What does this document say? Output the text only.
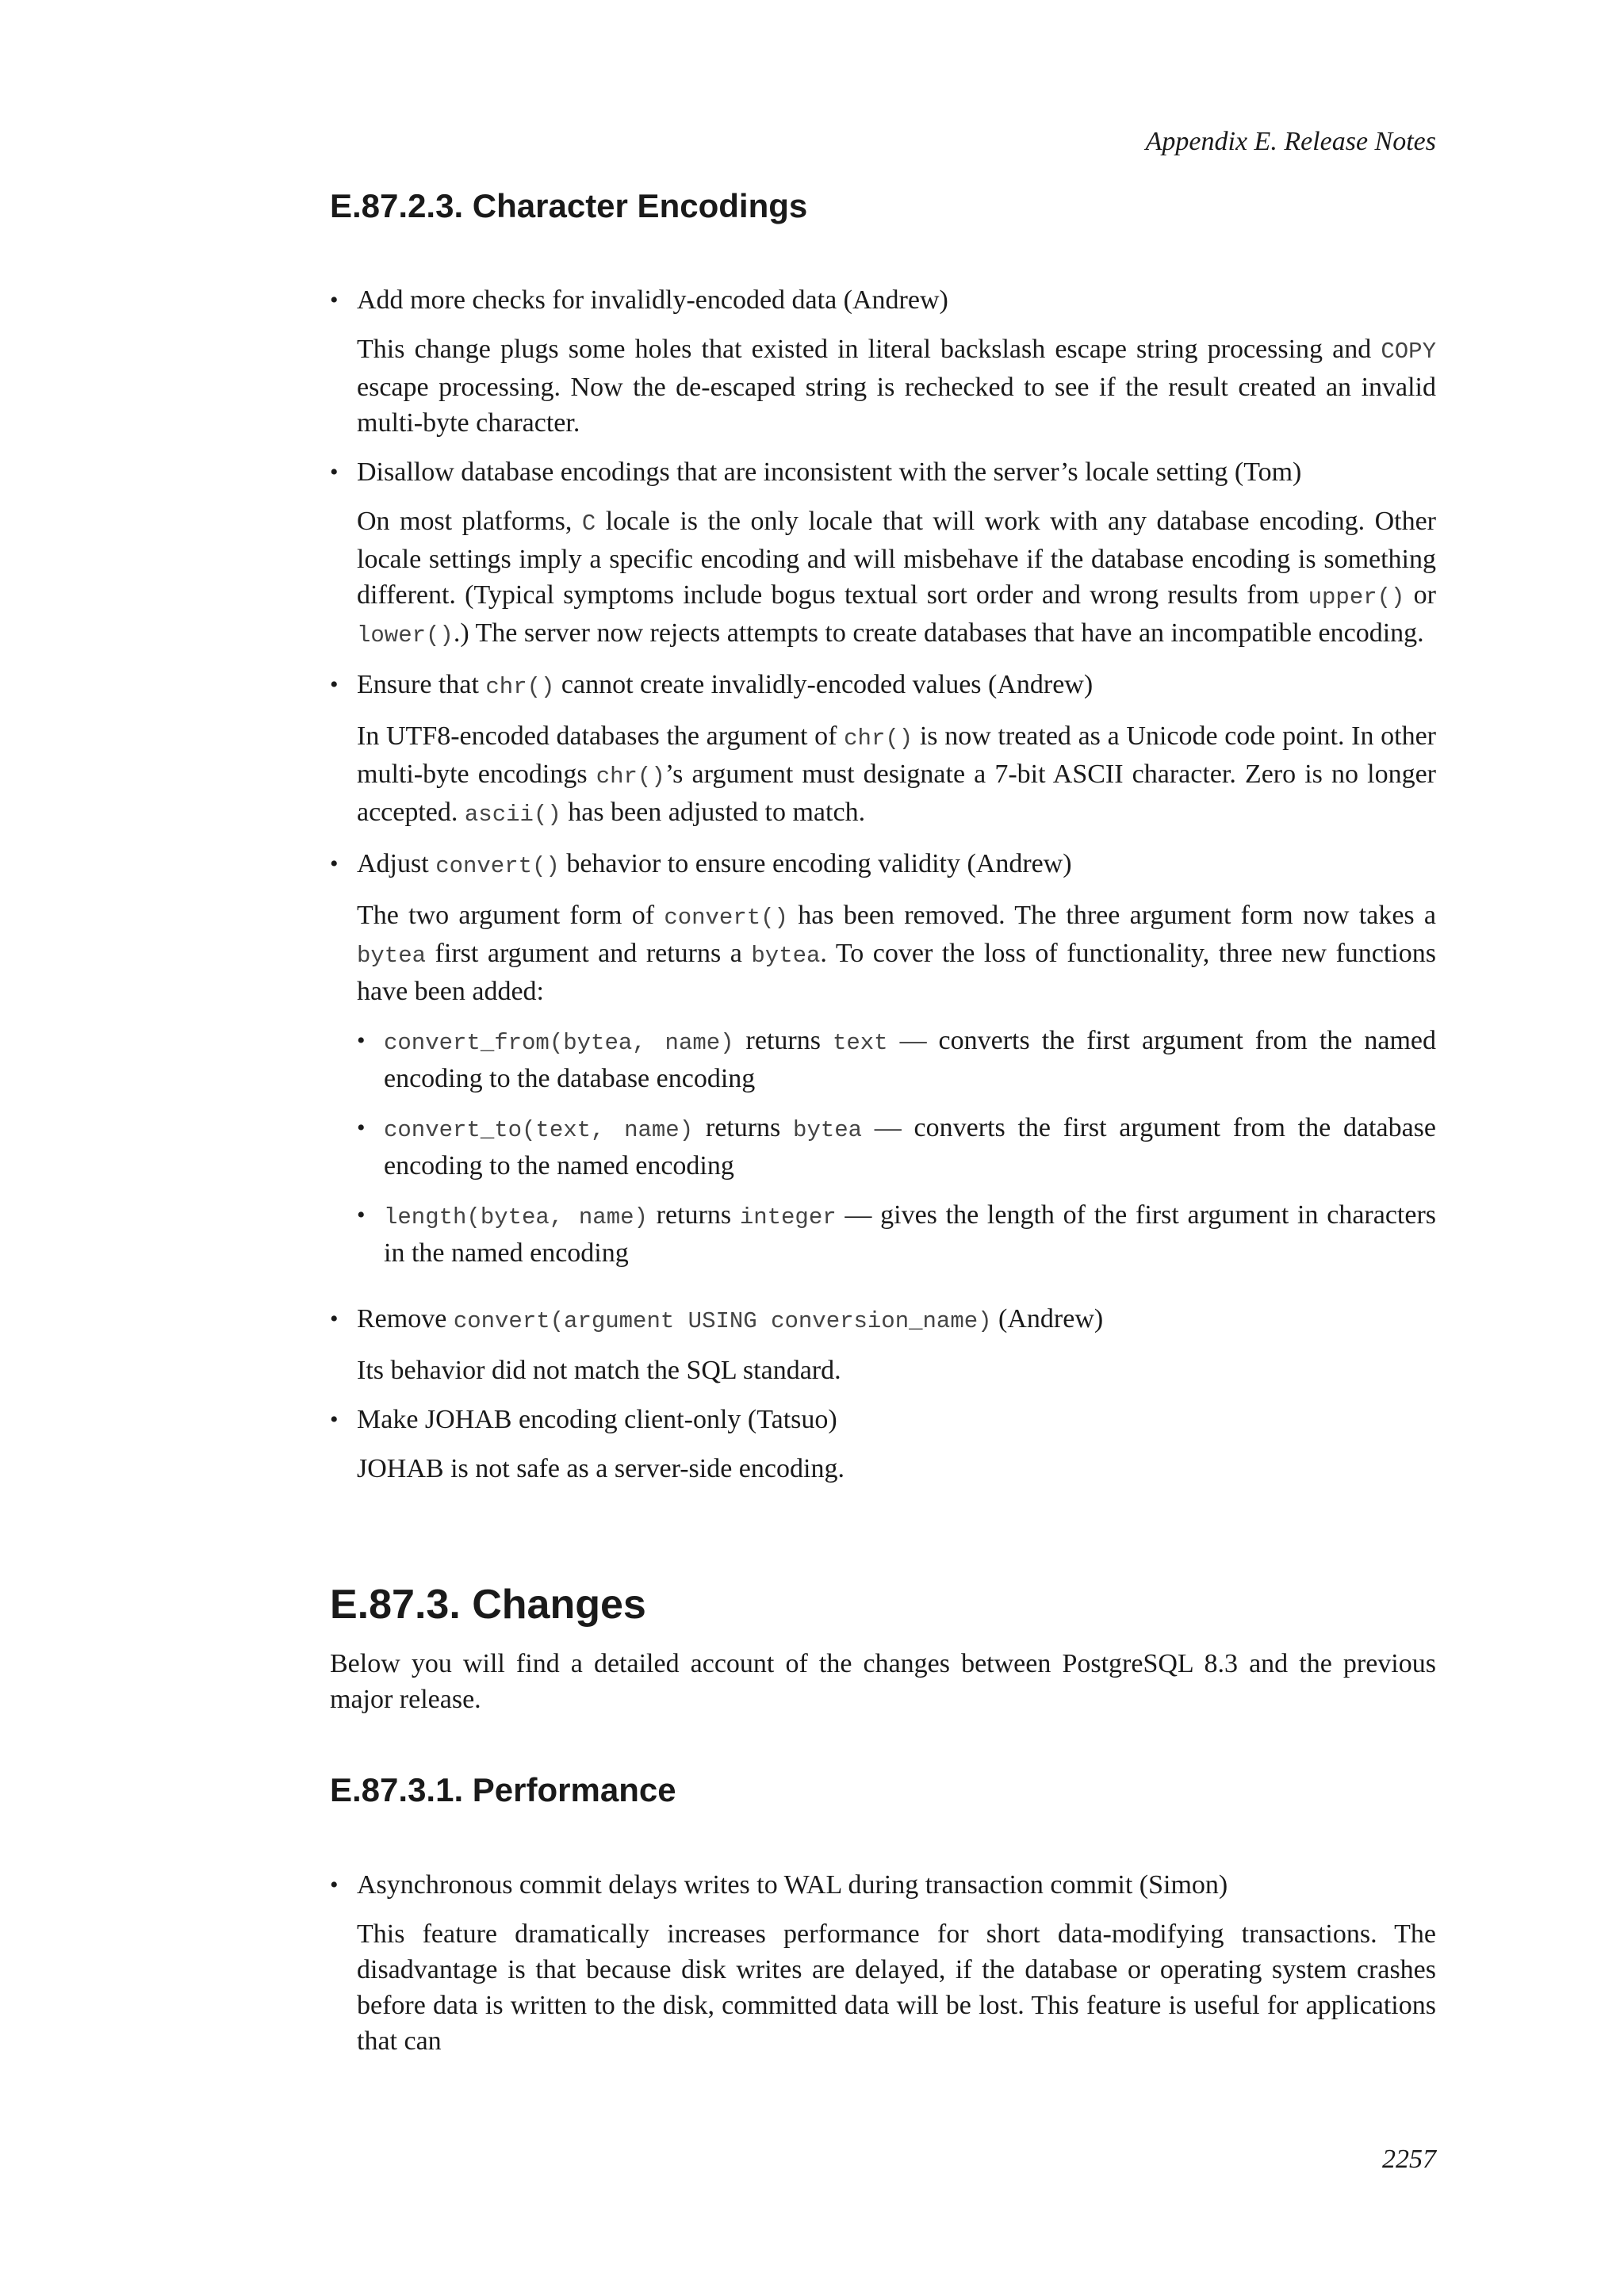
Appendix E. Release Notes
E.87.2.3. Character Encodings
• Add more checks for invalidly-encoded data (Andrew)

This change plugs some holes that existed in literal backslash escape string processing and COPY escape processing. Now the de-escaped string is rechecked to see if the result created an invalid multi-byte character.

• Disallow database encodings that are inconsistent with the server’s locale setting (Tom)

On most platforms, C locale is the only locale that will work with any database encoding. Other locale settings imply a specific encoding and will misbehave if the database encoding is something different. (Typical symptoms include bogus textual sort order and wrong results from upper() or lower().) The server now rejects attempts to create databases that have an incompatible encoding.

• Ensure that chr() cannot create invalidly-encoded values (Andrew)

In UTF8-encoded databases the argument of chr() is now treated as a Unicode code point. In other multi-byte encodings chr()’s argument must designate a 7-bit ASCII character. Zero is no longer accepted. ascii() has been adjusted to match.

• Adjust convert() behavior to ensure encoding validity (Andrew)

The two argument form of convert() has been removed. The three argument form now takes a bytea first argument and returns a bytea. To cover the loss of functionality, three new functions have been added:

• convert_from(bytea, name) returns text — converts the first argument from the named encoding to the database encoding
• convert_to(text, name) returns bytea — converts the first argument from the database encoding to the named encoding
• length(bytea, name) returns integer — gives the length of the first argument in characters in the named encoding
• Remove convert(argument USING conversion_name) (Andrew)

Its behavior did not match the SQL standard.

• Make JOHAB encoding client-only (Tatsuo)

JOHAB is not safe as a server-side encoding.

E.87.3. Changes

Below you will find a detailed account of the changes between PostgreSQL 8.3 and the previous major release.

E.87.3.1. Performance
• Asynchronous commit delays writes to WAL during transaction commit (Simon)

This feature dramatically increases performance for short data-modifying transactions. The disadvantage is that because disk writes are delayed, if the database or operating system crashes before data is written to the disk, committed data will be lost. This feature is useful for applications that can

2257
